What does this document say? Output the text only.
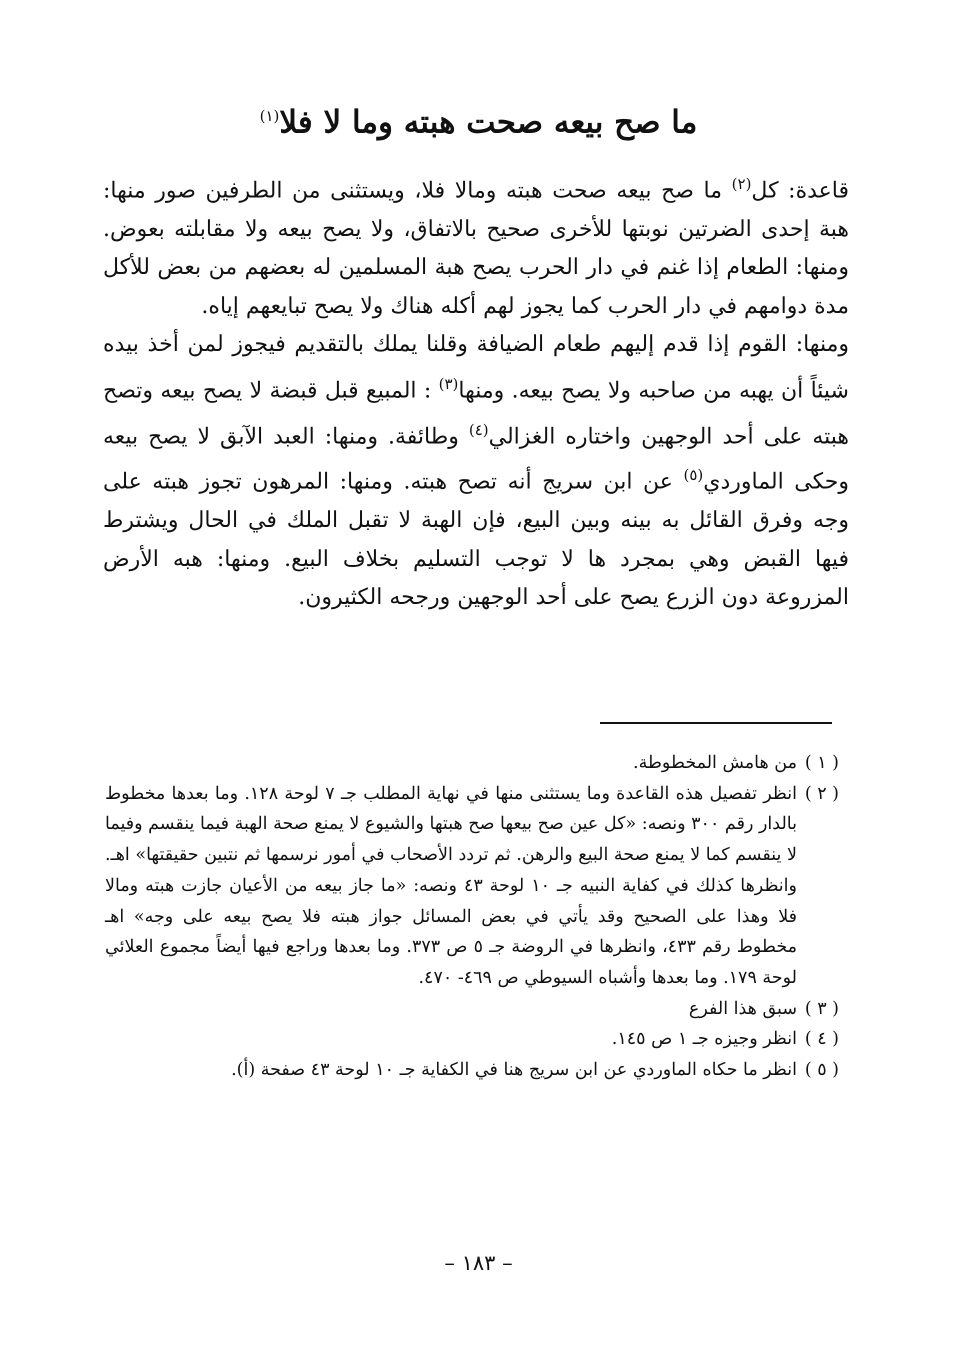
ما صح بيعه صحت هبته وما لا فلا$^{(١)}$

قاعدة: كل$^{(٢)}$ ما صح بيعه صحت هبته ومالا فلا، ويستثنى من الطرفين صور منها: هبة إحدى الضرتين نوبتها للأخرى صحيح بالاتفاق، ولا يصح بيعه ولا مقابلته بعوض. ومنها: الطعام إذا غنم في دار الحرب يصح هبة المسلمين له بعضهم من بعض للأكل مدة دوامهم في دار الحرب كما يجوز لهم أكله هناك ولا يصح تبايعهم إياه.

ومنها: القوم إذا قدم إليهم طعام الضيافة وقلنا يملك بالتقديم فيجوز لمن أخذ بيده شيئاً أن يهبه من صاحبه ولا يصح بيعه. ومنها$^{(٣)}$ : المبيع قبل قبضة لا يصح بيعه وتصح هبته على أحد الوجهين واختاره الغزالي$^{(٤)}$ وطائفة. ومنها: العبد الآبق لا يصح بيعه وحكى الماوردي$^{(٥)}$ عن ابن سريج أنه تصح هبته. ومنها: المرهون تجوز هبته على وجه وفرق القائل به بينه وبين البيع، فإن الهبة لا تقبل الملك في الحال ويشترط فيها القبض وهي بمجرد ها لا توجب التسليم بخلاف البيع. ومنها: هبه الأرض المزروعة دون الزرع يصح على أحد الوجهين ورجحه الكثيرون.

( ١ )
من هامش المخطوطة.

( ٢ )
انظر تفصيل هذه القاعدة وما يستثنى منها في نهاية المطلب جـ ٧ لوحة ١٢٨. وما بعدها مخطوط بالدار رقم ٣٠٠ ونصه: «كل عين صح بيعها صح هبتها والشيوع لا يمنع صحة الهبة فيما ينقسم وفيما لا ينقسم كما لا يمنع صحة البيع والرهن. ثم تردد الأصحاب في أمور نرسمها ثم نتبين حقيقتها» اهـ. وانظرها كذلك في كفاية النبيه جـ ١٠ لوحة ٤٣ ونصه: «ما جاز بيعه من الأعيان جازت هبته ومالا فلا وهذا على الصحيح وقد يأتي في بعض المسائل جواز هبته فلا يصح بيعه على وجه» اهـ مخطوط رقم ٤٣٣، وانظرها في الروضة جـ ٥ ص ٣٧٣. وما بعدها وراجع فيها أيضاً مجموع العلائي لوحة ١٧٩. وما بعدها وأشباه السيوطي ص ٤٦٩- ٤٧٠.

( ٣ )
سبق هذا الفرع

( ٤ )
انظر وجيزه جـ ١ ص ١٤٥.

( ٥ )
انظر ما حكاه الماوردي عن ابن سريج هنا في الكفاية جـ ١٠ لوحة ٤٣ صفحة (أ).

– ١٨٣ –
